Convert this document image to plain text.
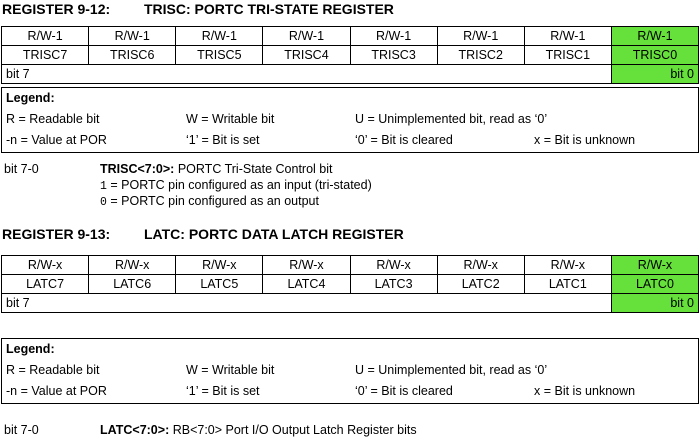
REGISTER 9-12: TRISC: PORTC TRI-STATE REGISTER
R/W-1	R/W-1	R/W-1	R/W-1	R/W-1	R/W-1	R/W-1	R/W-1
TRISC7	TRISC6	TRISC5	TRISC4	TRISC3	TRISC2	TRISC1	TRISC0
bit 7							bit 0
Legend:
R = Readable bit	W = Writable bit	U = Unimplemented bit, read as ‘0’
-n = Value at POR	‘1’ = Bit is set	‘0’ = Bit is cleared	x = Bit is unknown
bit 7-0	TRISC<7:0>: PORTC Tri-State Control bit
1 = PORTC pin configured as an input (tri-stated)
0 = PORTC pin configured as an output
REGISTER 9-13: LATC: PORTC DATA LATCH REGISTER
R/W-x	R/W-x	R/W-x	R/W-x	R/W-x	R/W-x	R/W-x	R/W-x
LATC7	LATC6	LATC5	LATC4	LATC3	LATC2	LATC1	LATC0
bit 7							bit 0
Legend:
R = Readable bit	W = Writable bit	U = Unimplemented bit, read as ‘0’
-n = Value at POR	‘1’ = Bit is set	‘0’ = Bit is cleared	x = Bit is unknown
bit 7-0	LATC<7:0>: RB<7:0> Port I/O Output Latch Register bits
